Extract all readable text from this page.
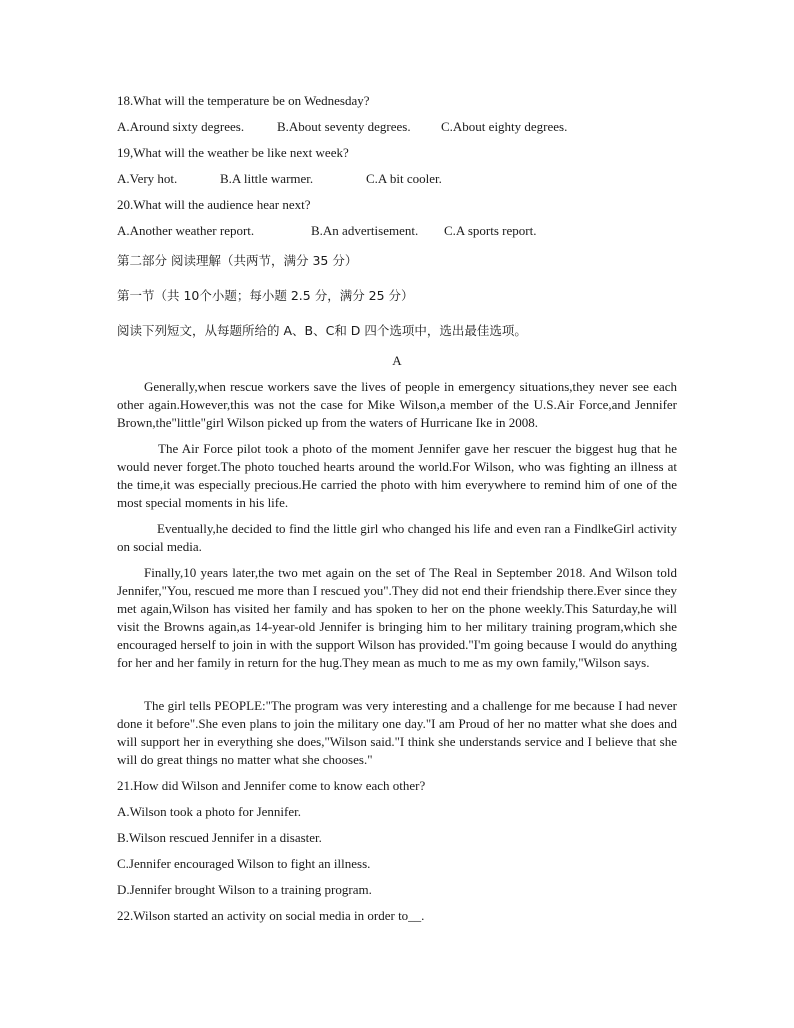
18.What will the temperature be on Wednesday?
A.Around sixty degrees.	B.About seventy degrees. C.About eighty degrees.
19,What will the weather be like next week?
A.Very hot.	B.A little warmer.	C.A bit cooler.
20.What will the audience hear next?
A.Another weather report.	B.An advertisement. C.A sports report.
第二部分 阅读理解（共两节，满分 35 分）
第一节（共 10个小题；每小题 2.5 分，满分 25 分）
阅读下列短文，从每题所给的 A、B、C和 D 四个选项中，选出最佳选项。
A
Generally,when rescue workers save the lives of people in emergency situations,they never see each other again.However,this was not the case for Mike Wilson,a member of the U.S.Air Force,and Jennifer Brown,the"little"girl Wilson picked up from the waters of Hurricane Ike in 2008.
The Air Force pilot took a photo of the moment Jennifer gave her rescuer the biggest hug that he would never forget.The photo touched hearts around the world.For Wilson, who was fighting an illness at the time,it was especially precious.He carried the photo with him everywhere to remind him of one of the most special moments in his life.
Eventually,he decided to find the little girl who changed his life and even ran a FindlkeGirl activity on social media.
Finally,10 years later,the two met again on the set of The Real in September 2018. And Wilson told Jennifer,"You, rescued me more than I rescued you".They did not end their friendship there.Ever since they met again,Wilson has visited her family and has spoken to her on the phone weekly.This Saturday,he will visit the Browns again,as 14-year-old Jennifer is bringing him to her military training program,which she encouraged herself to join in with the support Wilson has provided."I'm going because I would do anything for her and her family in return for the hug.They mean as much to me as my own family,"Wilson says.
The girl tells PEOPLE:"The program was very interesting and a challenge for me because I had never done it before".She even plans to join the military one day."I am Proud of her no matter what she does and will support her in everything she does,"Wilson said."I think she understands service and I believe that she will do great things no matter what she chooses."
21.How did Wilson and Jennifer come to know each other?
A.Wilson took a photo for Jennifer.
B.Wilson rescued Jennifer in a disaster.
C.Jennifer encouraged Wilson to fight an illness.
D.Jennifer brought Wilson to a training program.
22.Wilson started an activity on social media in order to__.
